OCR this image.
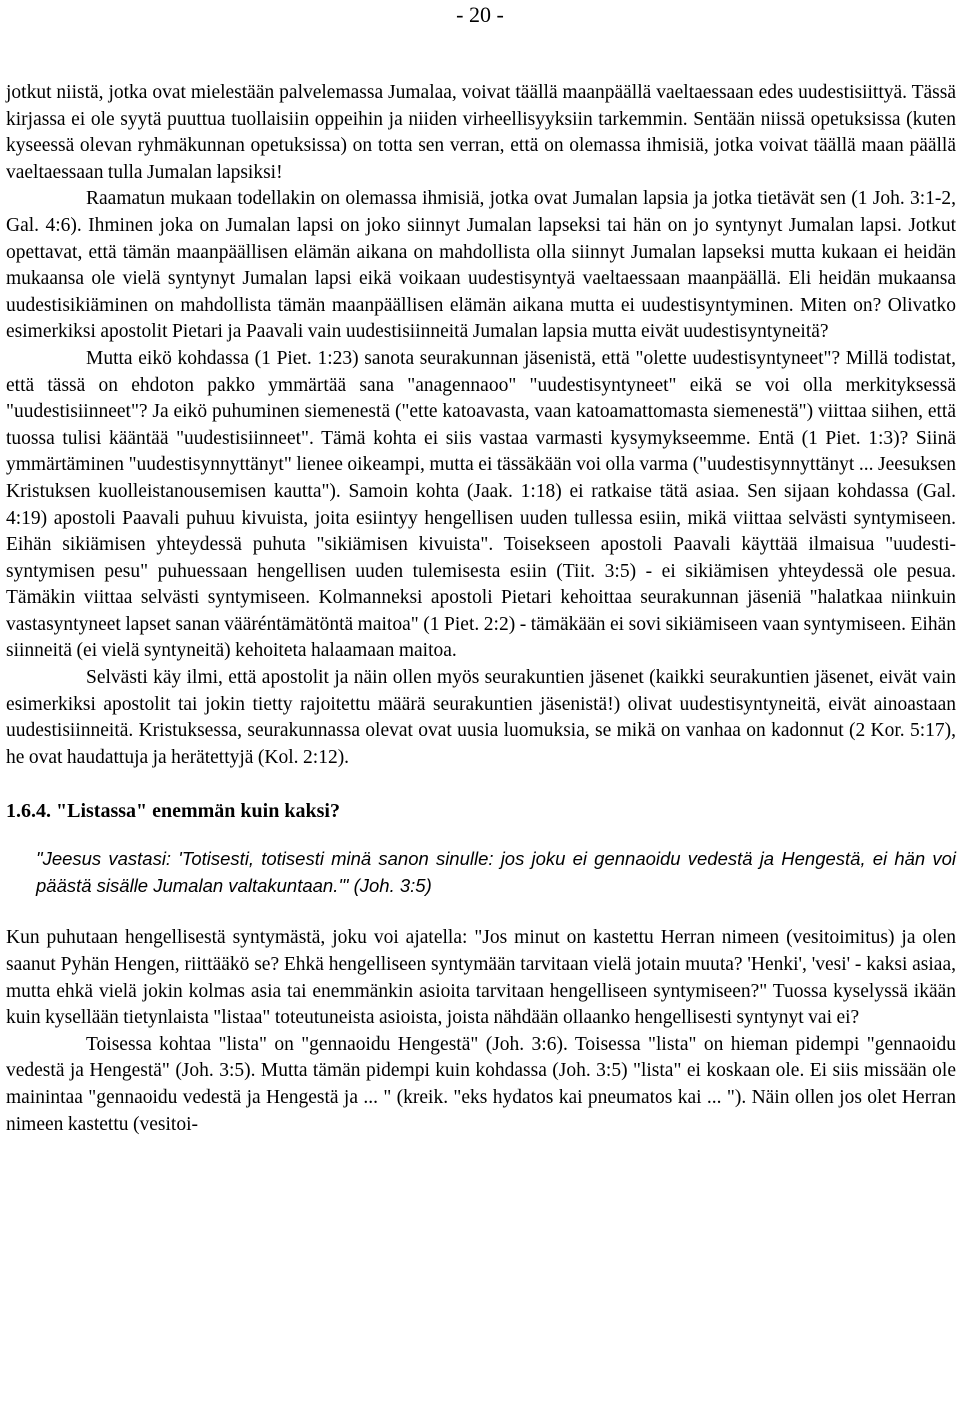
- 20 -

jotkut niistä, jotka ovat mielestään palvelemassa Jumalaa, voivat täällä maanpäällä vaeltaessaan edes uudestisiittyä. Tässä kirjassa ei ole syytä puuttua tuollaisiin oppeihin ja niiden virheellisyyksiin tarkemmin. Sentään niissä opetuksissa (kuten kyseessä olevan ryhmäkunnan opetuksissa) on totta sen verran, että on olemassa ihmisiä, jotka voivat täällä maan päällä vaeltaessaan tulla Jumalan lapsiksi!

Raamatun mukaan todellakin on olemassa ihmisiä, jotka ovat Jumalan lapsia ja jotka tietävät sen (1 Joh. 3:1-2, Gal. 4:6). Ihminen joka on Jumalan lapsi on joko siinnyt Jumalan lapseksi tai hän on jo syntynyt Jumalan lapsi. Jotkut opettavat, että tämän maanpäällisen elämän aikana on mahdollista olla siinnyt Jumalan lapseksi mutta kukaan ei heidän mukaansa ole vielä syntynyt Jumalan lapsi eikä voikaan uudestisyntyä vaeltaessaan maanpäällä. Eli heidän mukaansa uudestisikiäminen on mahdollista tämän maanpäällisen elämän aikana mutta ei uudestisyntyminen. Miten on? Olivatko esimerkiksi apostolit Pietari ja Paavali vain uudestisiinneitä Jumalan lapsia mutta eivät uudestisyntyneitä?

Mutta eikö kohdassa (1 Piet. 1:23) sanota seurakunnan jäsenistä, että "olette uudestisyntyneet"? Millä todistat, että tässä on ehdoton pakko ymmärtää sana "anagennaoo" "uudestisyntyneet" eikä se voi olla merkityksessä "uudestisiinneet"? Ja eikö puhuminen siemenestä ("ette katoavasta, vaan katoamattomasta siemenestä") viittaa siihen, että tuossa tulisi kääntää "uudestisiinneet". Tämä kohta ei siis vastaa varmasti kysymykseemme. Entä (1 Piet. 1:3)? Siinä ymmärtäminen "uudestisynnyttänyt" lienee oikeampi, mutta ei tässäkään voi olla varma ("uudestisynnyttänyt ... Jeesuksen Kristuksen kuolleistanousemisen kautta"). Samoin kohta (Jaak. 1:18) ei ratkaise tätä asiaa. Sen sijaan kohdassa (Gal. 4:19) apostoli Paavali puhuu kivuista, joita esiintyy hengellisen uuden tullessa esiin, mikä viittaa selvästi syntymiseen. Eihän sikiämisen yhteydessä puhuta "sikiämisen kivuista". Toisekseen apostoli Paavali käyttää ilmaisua "uudesti-syntymisen pesu" puhuessaan hengellisen uuden tulemisesta esiin (Tiit. 3:5) - ei sikiämisen yhteydessä ole pesua. Tämäkin viittaa selvästi syntymiseen. Kolmanneksi apostoli Pietari kehoittaa seurakunnan jäseniä "halatkaa niinkuin vastasyntyneet lapset sanan vääréntämätöntä maitoa" (1 Piet. 2:2) - tämäkään ei sovi sikiämiseen vaan syntymiseen. Eihän siinneitä (ei vielä syntyneitä) kehoiteta halaamaan maitoa.

Selvästi käy ilmi, että apostolit ja näin ollen myös seurakuntien jäsenet (kaikki seurakuntien jäsenet, eivät vain esimerkiksi apostolit tai jokin tietty rajoitettu määrä seurakuntien jäsenistä!) olivat uudestisyntyneitä, eivät ainoastaan uudestisiinneitä. Kristuksessa, seurakunnassa olevat ovat uusia luomuksia, se mikä on vanhaa on kadonnut (2 Kor. 5:17), he ovat haudattuja ja herätettyjä (Kol. 2:12).

1.6.4. "Listassa" enemmän kuin kaksi?

"Jeesus vastasi: 'Totisesti, totisesti minä sanon sinulle: jos joku ei gennaoidu vedestä ja Hengestä, ei hän voi päästä sisälle Jumalan valtakuntaan.'" (Joh. 3:5)

Kun puhutaan hengellisestä syntymästä, joku voi ajatella: "Jos minut on kastettu Herran nimeen (vesitoimitus) ja olen saanut Pyhän Hengen, riittääkö se? Ehkä hengelliseen syntymään tarvitaan vielä jotain muuta? 'Henki', 'vesi' - kaksi asiaa, mutta ehkä vielä jokin kolmas asia tai enemmänkin asioita tarvitaan hengelliseen syntymiseen?" Tuossa kyselyssä ikään kuin kysellään tietynlaista "listaa" toteutuneista asioista, joista nähdään ollaanko hengellisesti syntynyt vai ei?

Toisessa kohtaa "lista" on "gennaoidu Hengestä" (Joh. 3:6). Toisessa "lista" on hieman pidempi "gennaoidu vedestä ja Hengestä" (Joh. 3:5). Mutta tämän pidempi kuin kohdassa (Joh. 3:5) "lista" ei koskaan ole. Ei siis missään ole mainintaa "gennaoidu vedestä ja Hengestä ja ... " (kreik. "eks hydatos kai pneumatos kai ... "). Näin ollen jos olet Herran nimeen kastettu (vesitoi-
